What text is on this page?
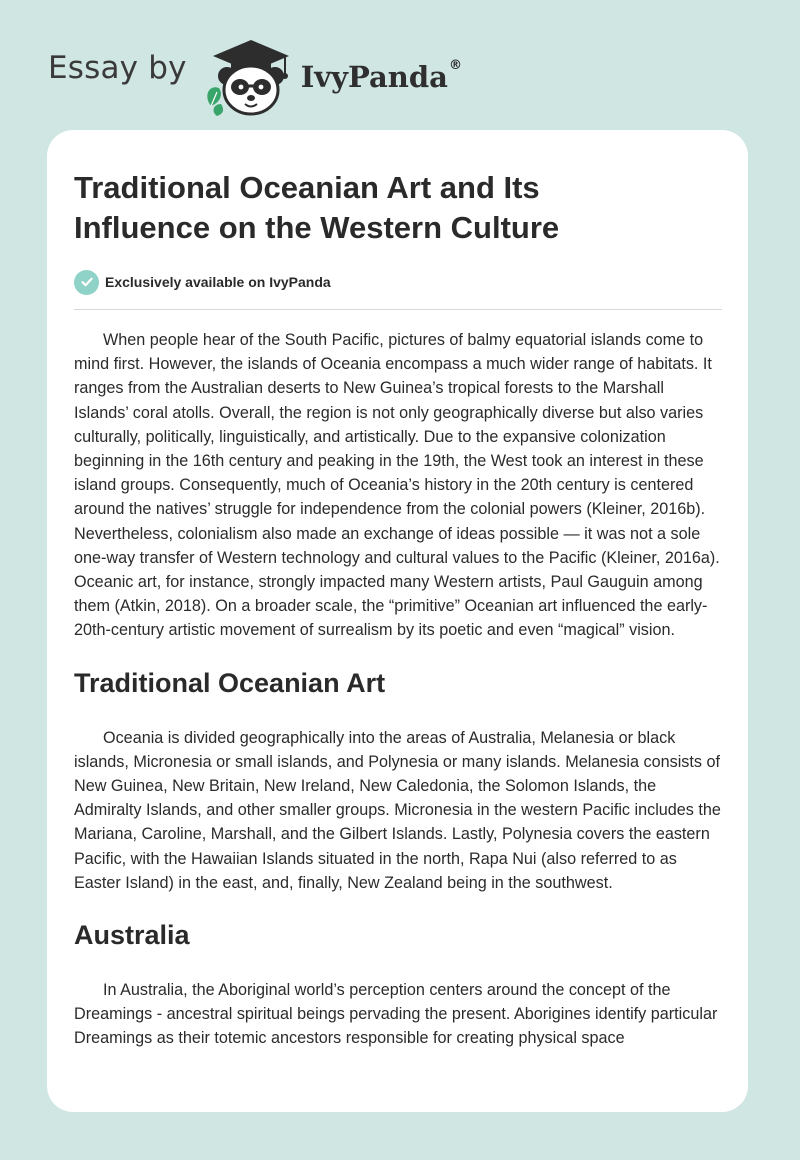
Essay by	IvyPanda®
Traditional Oceanian Art and Its
Influence on the Western Culture
Exclusively available on IvyPanda

When people hear of the South Pacific, pictures of balmy equatorial islands come to mind first. However, the islands of Oceania encompass a much wider range of habitats. It ranges from the Australian deserts to New Guinea’s tropical forests to the Marshall Islands’ coral atolls. Overall, the region is not only geographically diverse but also varies culturally, politically, linguistically, and artistically. Due to the expansive colonization beginning in the 16th century and peaking in the 19th, the West took an interest in these island groups. Consequently, much of Oceania’s history in the 20th century is centered around the natives’ struggle for independence from the colonial powers (Kleiner, 2016b). Nevertheless, colonialism also made an exchange of ideas possible — it was not a sole one-way transfer of Western technology and cultural values to the Pacific (Kleiner, 2016a). Oceanic art, for instance, strongly impacted many Western artists, Paul Gauguin among them (Atkin, 2018). On a broader scale, the “primitive” Oceanian art influenced the early-20th-century artistic movement of surrealism by its poetic and even “magical” vision.

Traditional Oceanian Art

Oceania is divided geographically into the areas of Australia, Melanesia or black islands, Micronesia or small islands, and Polynesia or many islands. Melanesia consists of New Guinea, New Britain, New Ireland, New Caledonia, the Solomon Islands, the Admiralty Islands, and other smaller groups. Micronesia in the western Pacific includes the Mariana, Caroline, Marshall, and the Gilbert Islands. Lastly, Polynesia covers the eastern Pacific, with the Hawaiian Islands situated in the north, Rapa Nui (also referred to as Easter Island) in the east, and, finally, New Zealand being in the southwest.

Australia

In Australia, the Aboriginal world’s perception centers around the concept of the Dreamings - ancestral spiritual beings pervading the present. Aborigines identify particular Dreamings as their totemic ancestors responsible for creating physical space
